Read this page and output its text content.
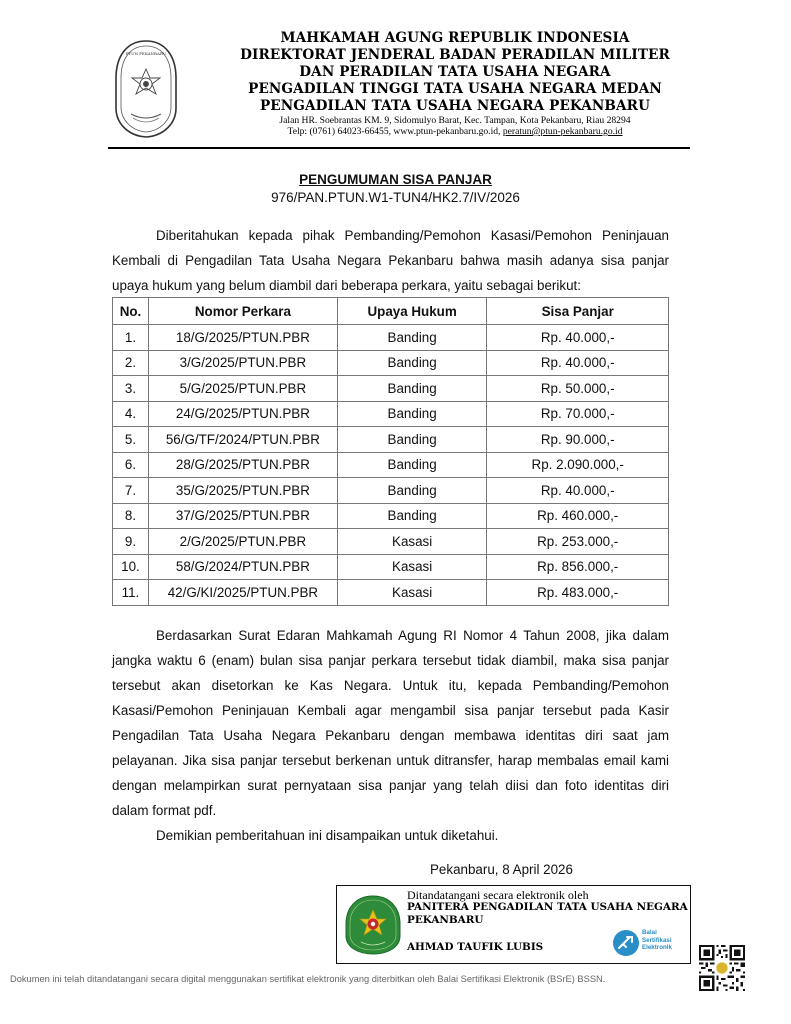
PTUN PEKANBARU
MAHKAMAH AGUNG REPUBLIK INDONESIA
DIREKTORAT JENDERAL BADAN PERADILAN MILITER
DAN PERADILAN TATA USAHA NEGARA
PENGADILAN TINGGI TATA USAHA NEGARA MEDAN
PENGADILAN TATA USAHA NEGARA PEKANBARU
Jalan HR. Soebrantas KM. 9, Sidomulyo Barat, Kec. Tampan, Kota Pekanbaru, Riau 28294
Telp: (0761) 64023-66455, www.ptun-pekanbaru.go.id, peratun@ptun-pekanbaru.go.id
PENGUMUMAN SISA PANJAR
976/PAN.PTUN.W1-TUN4/HK2.7/IV/2026
Diberitahukan kepada pihak Pembanding/Pemohon Kasasi/Pemohon Peninjauan Kembali di Pengadilan Tata Usaha Negara Pekanbaru bahwa masih adanya sisa panjar upaya hukum yang belum diambil dari beberapa perkara, yaitu sebagai berikut:
No.	Nomor Perkara	Upaya Hukum	Sisa Panjar
1.	18/G/2025/PTUN.PBR	Banding	Rp. 40.000,-
2.	3/G/2025/PTUN.PBR	Banding	Rp. 40.000,-
3.	5/G/2025/PTUN.PBR	Banding	Rp. 50.000,-
4.	24/G/2025/PTUN.PBR	Banding	Rp. 70.000,-
5.	56/G/TF/2024/PTUN.PBR	Banding	Rp. 90.000,-
6.	28/G/2025/PTUN.PBR	Banding	Rp. 2.090.000,-
7.	35/G/2025/PTUN.PBR	Banding	Rp. 40.000,-
8.	37/G/2025/PTUN.PBR	Banding	Rp. 460.000,-
9.	2/G/2025/PTUN.PBR	Kasasi	Rp. 253.000,-
10.	58/G/2024/PTUN.PBR	Kasasi	Rp. 856.000,-
11.	42/G/KI/2025/PTUN.PBR	Kasasi	Rp. 483.000,-
Berdasarkan Surat Edaran Mahkamah Agung RI Nomor 4 Tahun 2008, jika dalam jangka waktu 6 (enam) bulan sisa panjar perkara tersebut tidak diambil, maka sisa panjar tersebut akan disetorkan ke Kas Negara. Untuk itu, kepada Pembanding/Pemohon Kasasi/Pemohon Peninjauan Kembali agar mengambil sisa panjar tersebut pada Kasir Pengadilan Tata Usaha Negara Pekanbaru dengan membawa identitas diri saat jam pelayanan. Jika sisa panjar tersebut berkenan untuk ditransfer, harap membalas email kami dengan melampirkan surat pernyataan sisa panjar yang telah diisi dan foto identitas diri dalam format pdf.
Demikian pemberitahuan ini disampaikan untuk diketahui.
Pekanbaru, 8 April 2026
Ditandatangani secara elektronik oleh
PANITERA PENGADILAN TATA USAHA NEGARA
PEKANBARU
AHMAD TAUFIK LUBIS
Balai
Sertifikasi
Elektronik
Dokumen ini telah ditandatangani secara digital menggunakan sertifikat elektronik yang diterbitkan oleh Balai Sertifikasi Elektronik (BSrE) BSSN.
